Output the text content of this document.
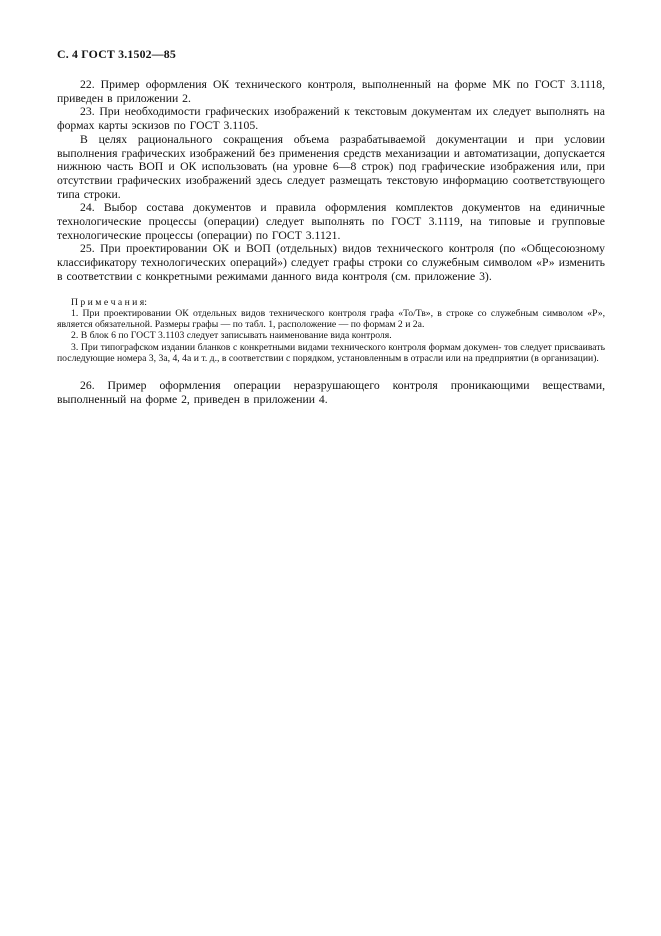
С. 4 ГОСТ 3.1502—85

22. Пример оформления ОК технического контроля, выполненный на форме МК по ГОСТ 3.1118, приведен в приложении 2.

23. При необходимости графических изображений к текстовым документам их следует выполнять на формах карты эскизов по ГОСТ 3.1105.

В целях рационального сокращения объема разрабатываемой документации и при условии выполнения графических изображений без применения средств механизации и автоматизации, допускается нижнюю часть ВОП и ОК использовать (на уровне 6—8 строк) под графические изображения или, при отсутствии графических изображений здесь следует размещать текстовую информацию соответствующего типа строки.

24. Выбор состава документов и правила оформления комплектов документов на единичные технологические процессы (операции) следует выполнять по ГОСТ 3.1119, на типовые и групповые технологические процессы (операции) по ГОСТ 3.1121.

25. При проектировании ОК и ВОП (отдельных) видов технического контроля (по «Общесоюзному классификатору технологических операций») следует графы строки со служебным символом «Р» изменить в соответствии с конкретными режимами данного вида контроля (см. приложение 3).

П р и м е ч а н и я:

1. При проектировании ОК отдельных видов технического контроля графа «То/Тв», в строке со служебным символом «Р», является обязательной. Размеры графы — по табл. 1, расположение — по формам 2 и 2а.

2. В блок 6 по ГОСТ 3.1103 следует записывать наименование вида контроля.

3. При типографском издании бланков с конкретными видами технического контроля формам докумен- тов следует присваивать последующие номера 3, 3а, 4, 4а и т. д., в соответствии с порядком, установленным в отрасли или на предприятии (в организации).

26. Пример оформления операции неразрушающего контроля проникающими веществами, выполненный на форме 2, приведен в приложении 4.
